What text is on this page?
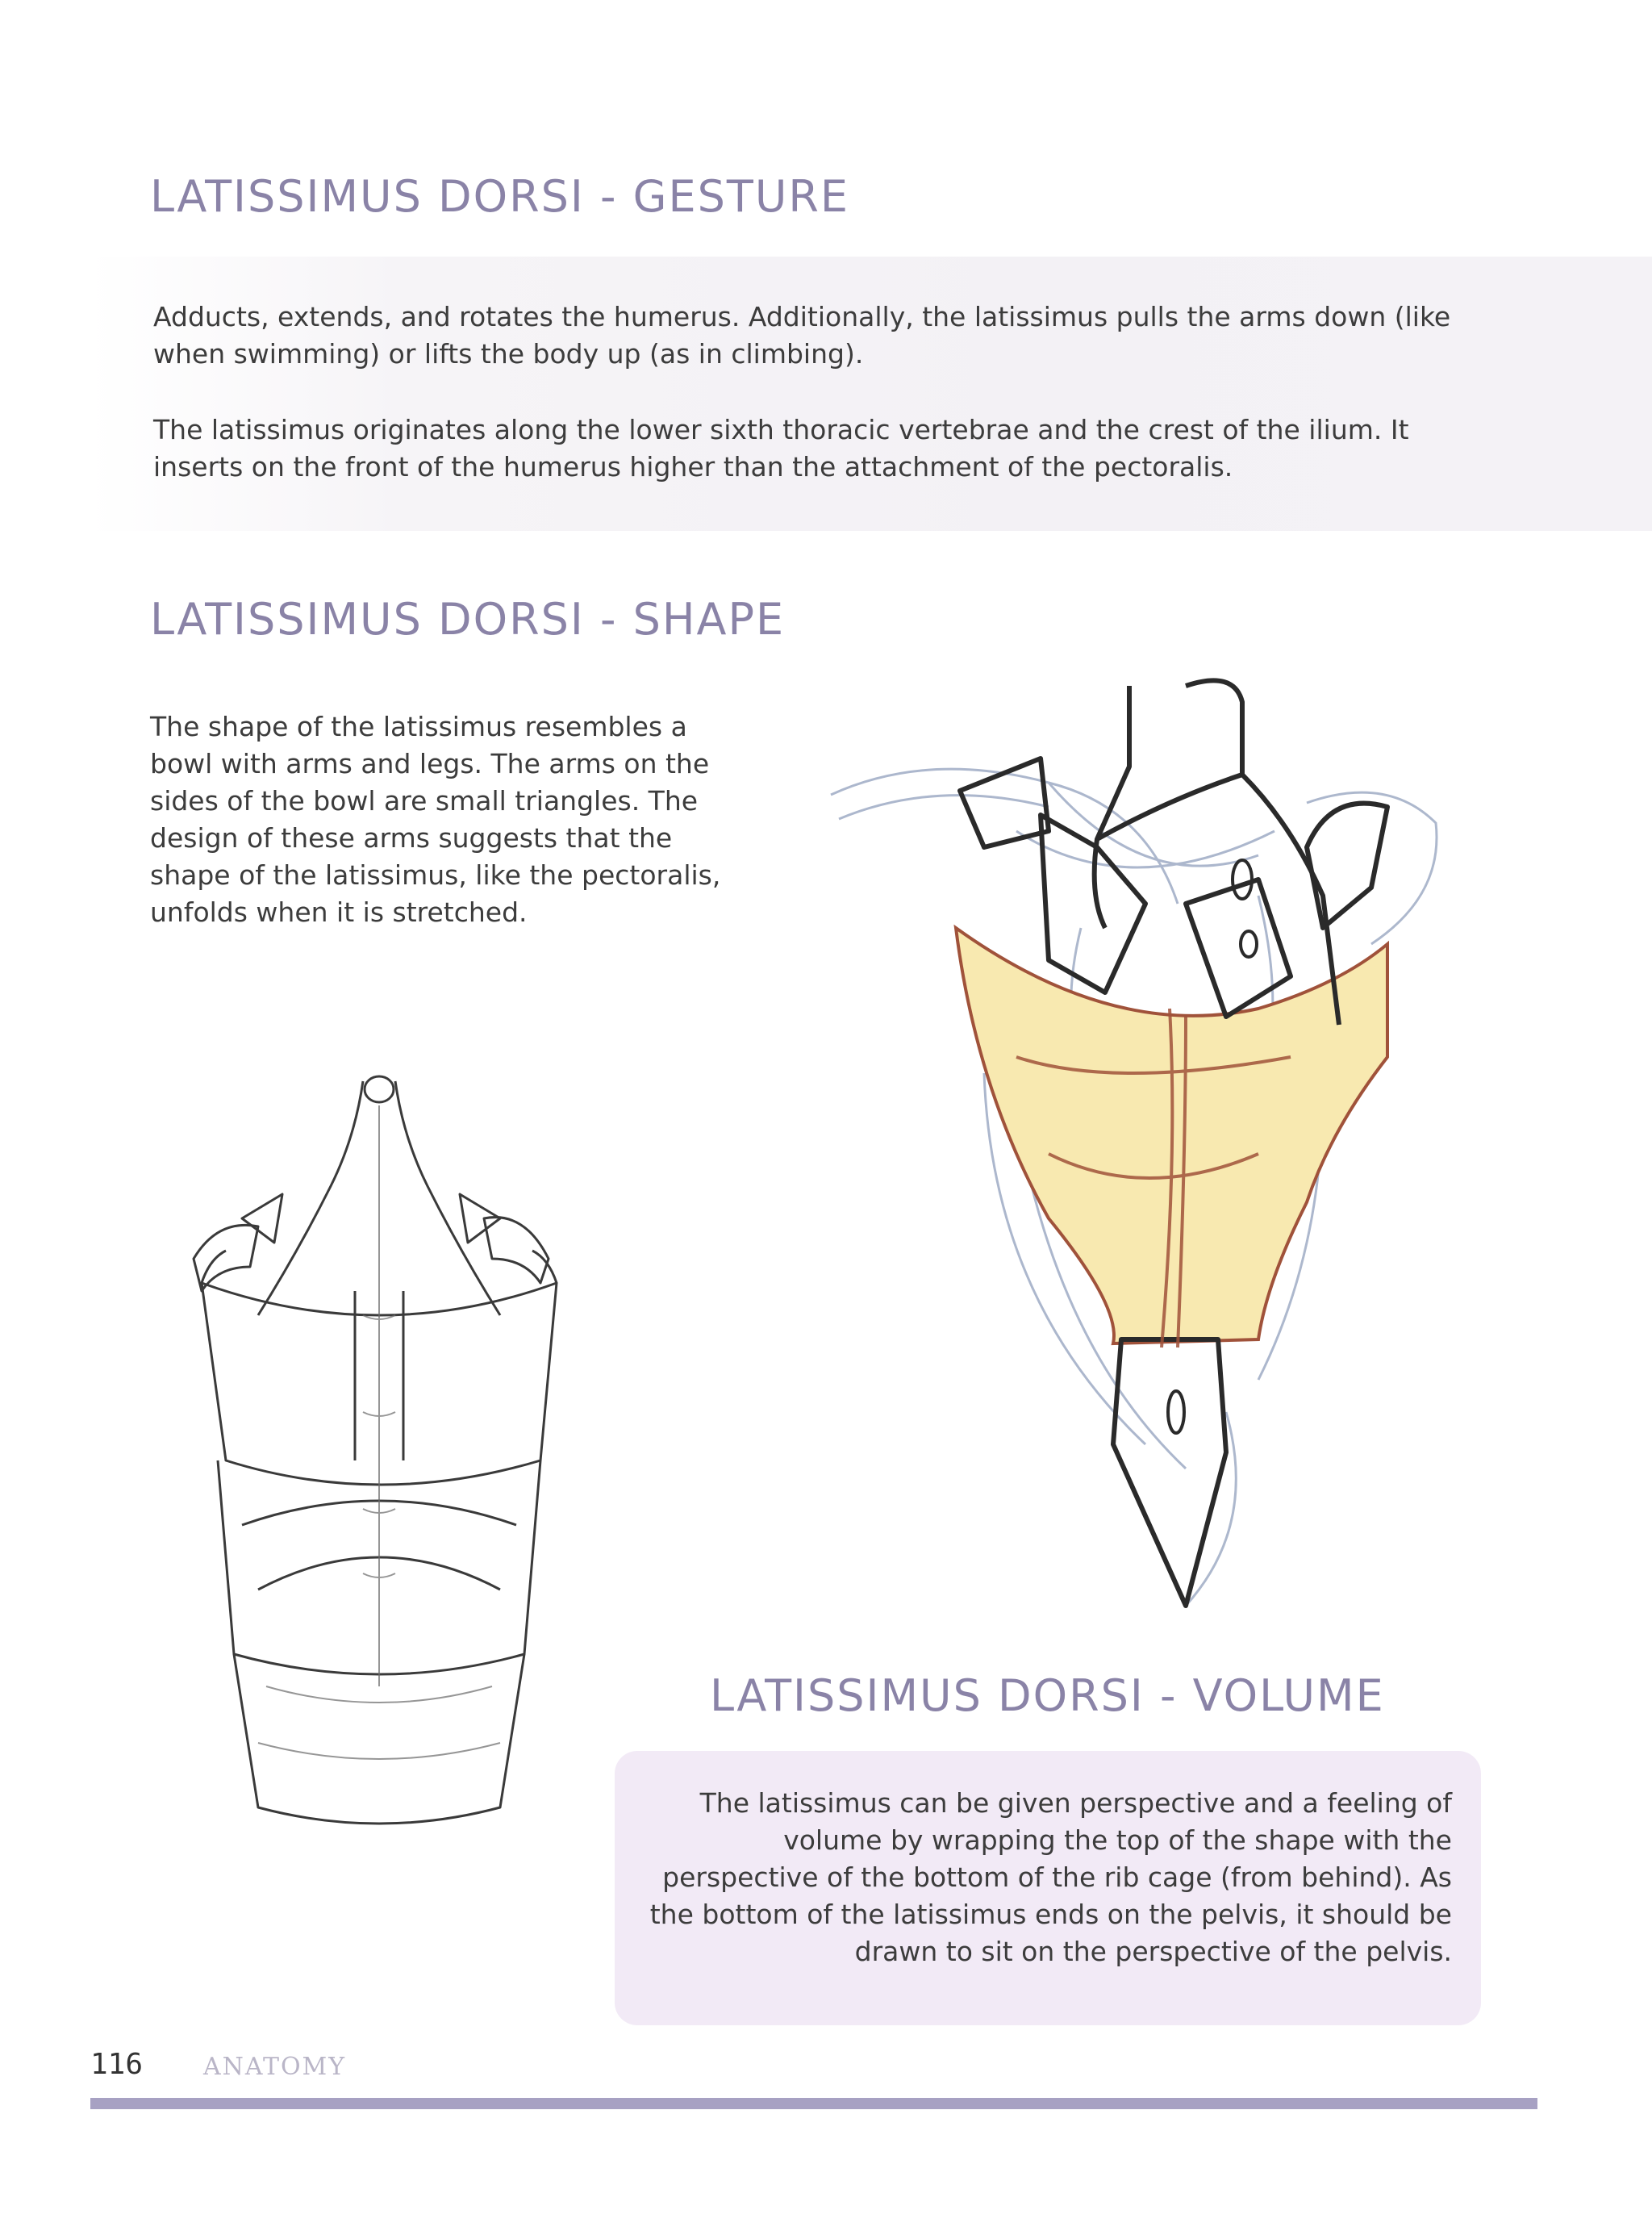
LATISSIMUS DORSI - GESTURE

Adducts, extends, and rotates the humerus. Additionally, the latissimus pulls the arms down (like when swimming) or lifts the body up (as in climbing).

The latissimus originates along the lower sixth thoracic vertebrae and the crest of the ilium. It inserts on the front of the humerus higher than the attachment of the pectoralis.

LATISSIMUS DORSI - SHAPE

The shape of the latissimus resembles a bowl with arms and legs. The arms on the sides of the bowl are small triangles. The design of these arms suggests that the shape of the latissimus, like the pectoralis, unfolds when it is stretched.

LATISSIMUS DORSI - VOLUME

The latissimus can be given perspective and a feeling of volume by wrapping the top of the shape with the perspective of the bottom of the rib cage (from behind). As the bottom of the latissimus ends on the pelvis, it should be drawn to sit on the perspective of the pelvis.

116 ANATOMY
